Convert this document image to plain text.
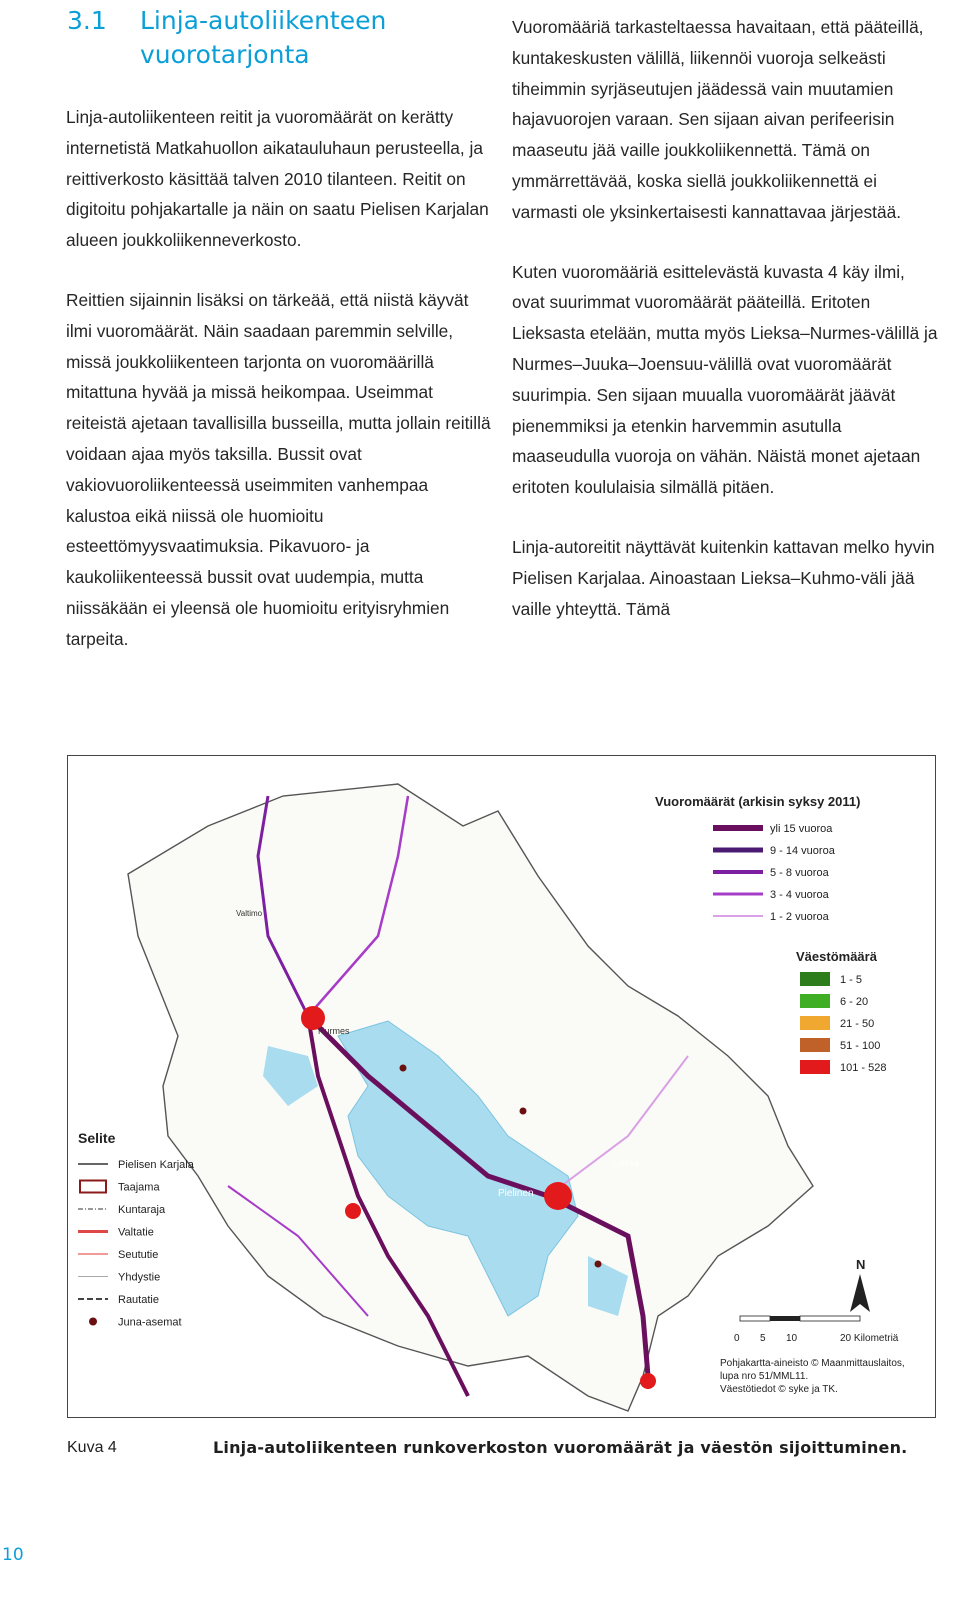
3.1 Linja-autoliikenteen vuorotarjonta

Linja-autoliikenteen reitit ja vuoromäärät on kerätty internetistä Matkahuollon aikatauluhaun perusteella, ja reittiverkosto käsittää talven 2010 tilanteen. Reitit on digitoitu pohjakartalle ja näin on saatu Pielisen Karjalan alueen joukkoliikenneverkosto.

Reittien sijainnin lisäksi on tärkeää, että niistä käyvät ilmi vuoromäärät. Näin saadaan paremmin selville, missä joukkoliikenteen tarjonta on vuoromäärillä mitattuna hyvää ja missä heikompaa. Useimmat reiteistä ajetaan tavallisilla busseilla, mutta jollain reitillä voidaan ajaa myös taksilla. Bussit ovat vakiovuoroliikenteessä useimmiten vanhempaa kalustoa eikä niissä ole huomioitu esteettömyysvaatimuksia. Pikavuoro- ja kaukoliikenteessä bussit ovat uudempia, mutta niissäkään ei yleensä ole huomioitu erityisryhmien tarpeita.

Vuoromääriä tarkasteltaessa havaitaan, että pääteillä, kuntakeskusten välillä, liikennöi vuoroja selkeästi tiheimmin syrjäseutujen jäädessä vain muutamien hajavuorojen varaan. Sen sijaan aivan perifeerisin maaseutu jää vaille joukkoliikennettä. Tämä on ymmärrettävää, koska siellä joukkoliikennettä ei varmasti ole yksinkertaisesti kannattavaa järjestää.

Kuten vuoromääriä esittelevästä kuvasta 4 käy ilmi, ovat suurimmat vuoromäärät pääteillä. Eritoten Lieksasta etelään, mutta myös Lieksa–Nurmes-välillä ja Nurmes–Juuka–Joensuu-välillä ovat vuoromäärät suurimpia. Sen sijaan muualla vuoromäärät jäävät pienemmiksi ja etenkin harvemmin asutulla maaseudulla vuoroja on vähän. Näistä monet ajetaan eritoten koululaisia silmällä pitäen.

Linja-autoreitit näyttävät kuitenkin kattavan melko hyvin Pielisen Karjalaa. Ainoastaan Lieksa–Kuhmo-väli jää vaille yhteyttä. Tämä

Nurmes
Valtimo
Lieksa
Pielinen
Vuoromäärät (arkisin syksy 2011)
yli 15 vuoroa
9 - 14 vuoroa
5 - 8 vuoroa
3 - 4 vuoroa
1 - 2 vuoroa
Väestömäärä
1 - 5
6 - 20
21 - 50
51 - 100
101 - 528
Selite
Pielisen Karjala
Taajama
Kuntaraja
Valtatie
Seututie
Yhdystie
Rautatie
Juna-asemat
N
0 5 10	20 Kilometriä
Pohjakartta-aineisto © Maanmittauslaitos,
lupa nro 51/MML11.
Väestötiedot © syke ja TK.
Kuva 4	Linja-autoliikenteen runkoverkoston vuoromäärät ja väestön sijoittuminen.
10
